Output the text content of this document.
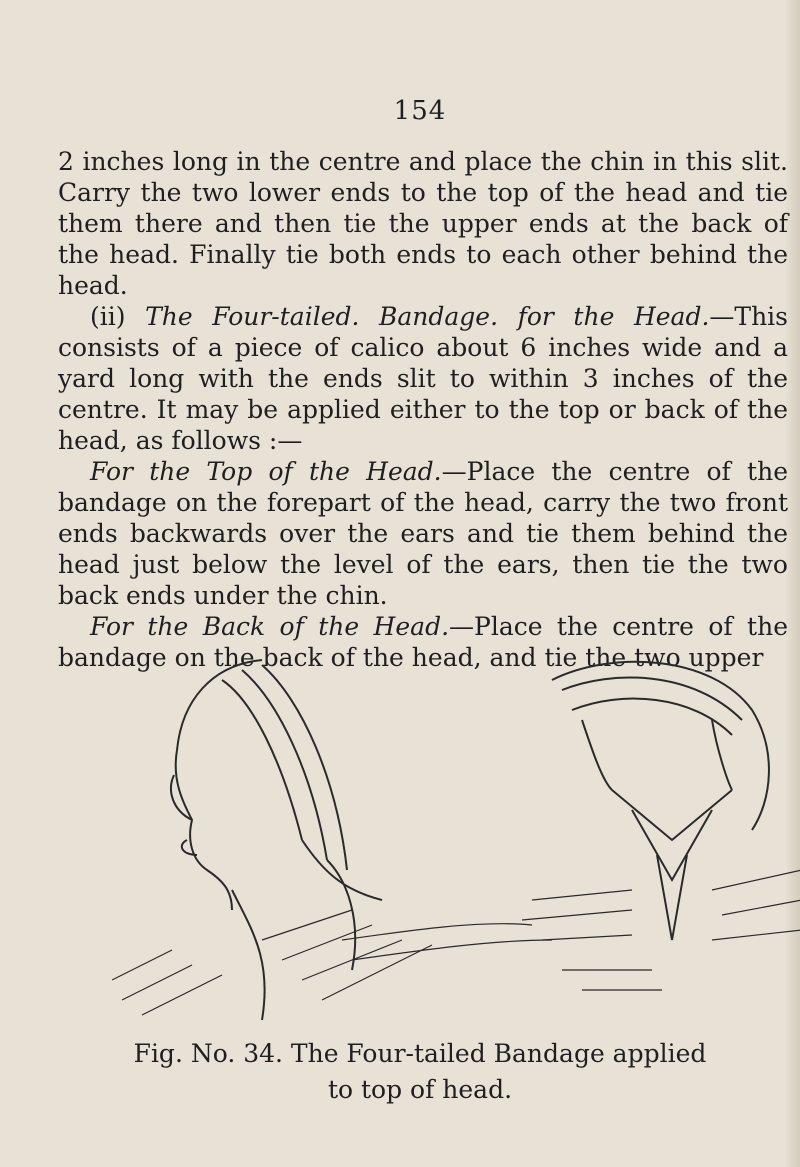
154

2 inches long in the centre and place the chin in this slit. Carry the two lower ends to the top of the head and tie them there and then tie the upper ends at the back of the head. Finally tie both ends to each other behind the head.

(ii) The Four-tailed. Bandage. for the Head.—This consists of a piece of calico about 6 inches wide and a yard long with the ends slit to within 3 inches of the centre. It may be applied either to the top or back of the head, as follows :—

For the Top of the Head.—Place the centre of the bandage on the forepart of the head, carry the two front ends backwards over the ears and tie them behind the head just below the level of the ears, then tie the two back ends under the chin.

For the Back of the Head.—Place the centre of the bandage on the back of the head, and tie the two upper

Fig. No. 34. The Four-tailed Bandage applied
to top of head.
